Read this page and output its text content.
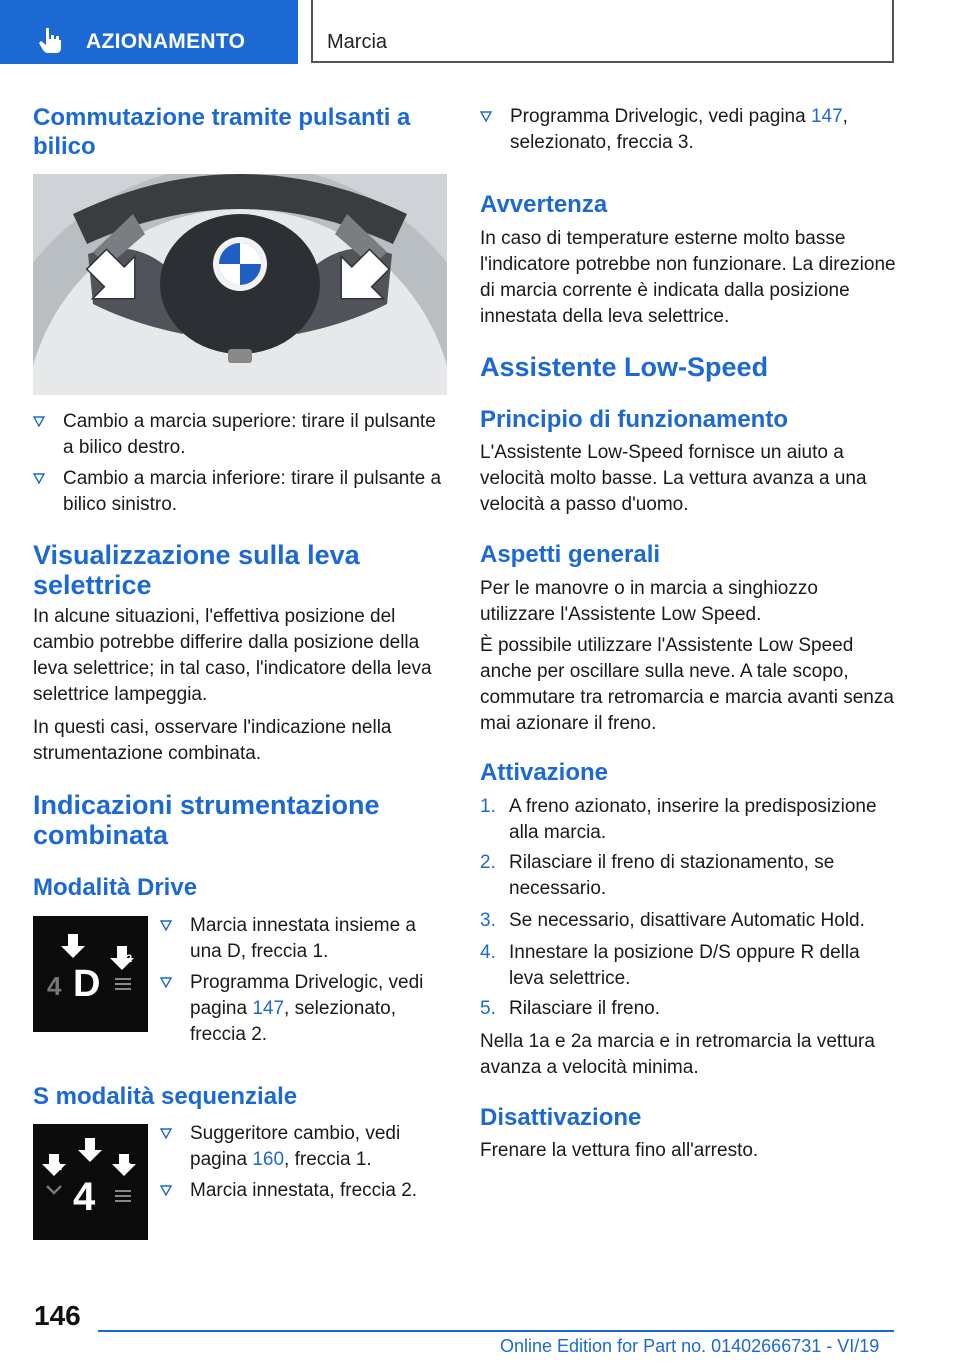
AZIONAMENTO	Marcia
Commutazione tramite pulsanti a bilico
Cambio a marcia superiore: tirare il pulsante a bilico destro.
Cambio a marcia inferiore: tirare il pulsante a bilico sinistro.
Visualizzazione sulla leva selettrice

In alcune situazioni, l'effettiva posizione del cambio potrebbe differire dalla posizione della leva selettrice; in tal caso, l'indicatore della leva selettrice lampeggia.

In questi casi, osservare l'indicazione nella strumentazione combinata.

Indicazioni strumentazione combinata
Modalità Drive
2
4 D
Marcia innestata insieme a una D, freccia 1.
Programma Drivelogic, vedi pagina 147, selezionato, freccia 2.
S modalità sequenziale
1
2
3
4
Suggeritore cambio, vedi pagina 160, freccia 1.
Marcia innestata, freccia 2.
Programma Drivelogic, vedi pagina 147, selezionato, freccia 3.
Avvertenza

In caso di temperature esterne molto basse l'indicatore potrebbe non funzionare. La direzione di marcia corrente è indicata dalla posizione innestata della leva selettrice.

Assistente Low-Speed
Principio di funzionamento

L'Assistente Low-Speed fornisce un aiuto a velocità molto basse. La vettura avanza a una velocità a passo d'uomo.

Aspetti generali

Per le manovre o in marcia a singhiozzo utilizzare l'Assistente Low Speed.

È possibile utilizzare l'Assistente Low Speed anche per oscillare sulla neve. A tale scopo, commutare tra retromarcia e marcia avanti senza mai azionare il freno.

Attivazione
1. A freno azionato, inserire la predisposizione alla marcia.
2. Rilasciare il freno di stazionamento, se necessario.
3. Se necessario, disattivare Automatic Hold.
4. Innestare la posizione D/S oppure R della leva selettrice.
5. Rilasciare il freno.

Nella 1a e 2a marcia e in retromarcia la vettura avanza a velocità minima.

Disattivazione

Frenare la vettura fino all'arresto.

146
Online Edition for Part no. 01402666731 - VI/19
